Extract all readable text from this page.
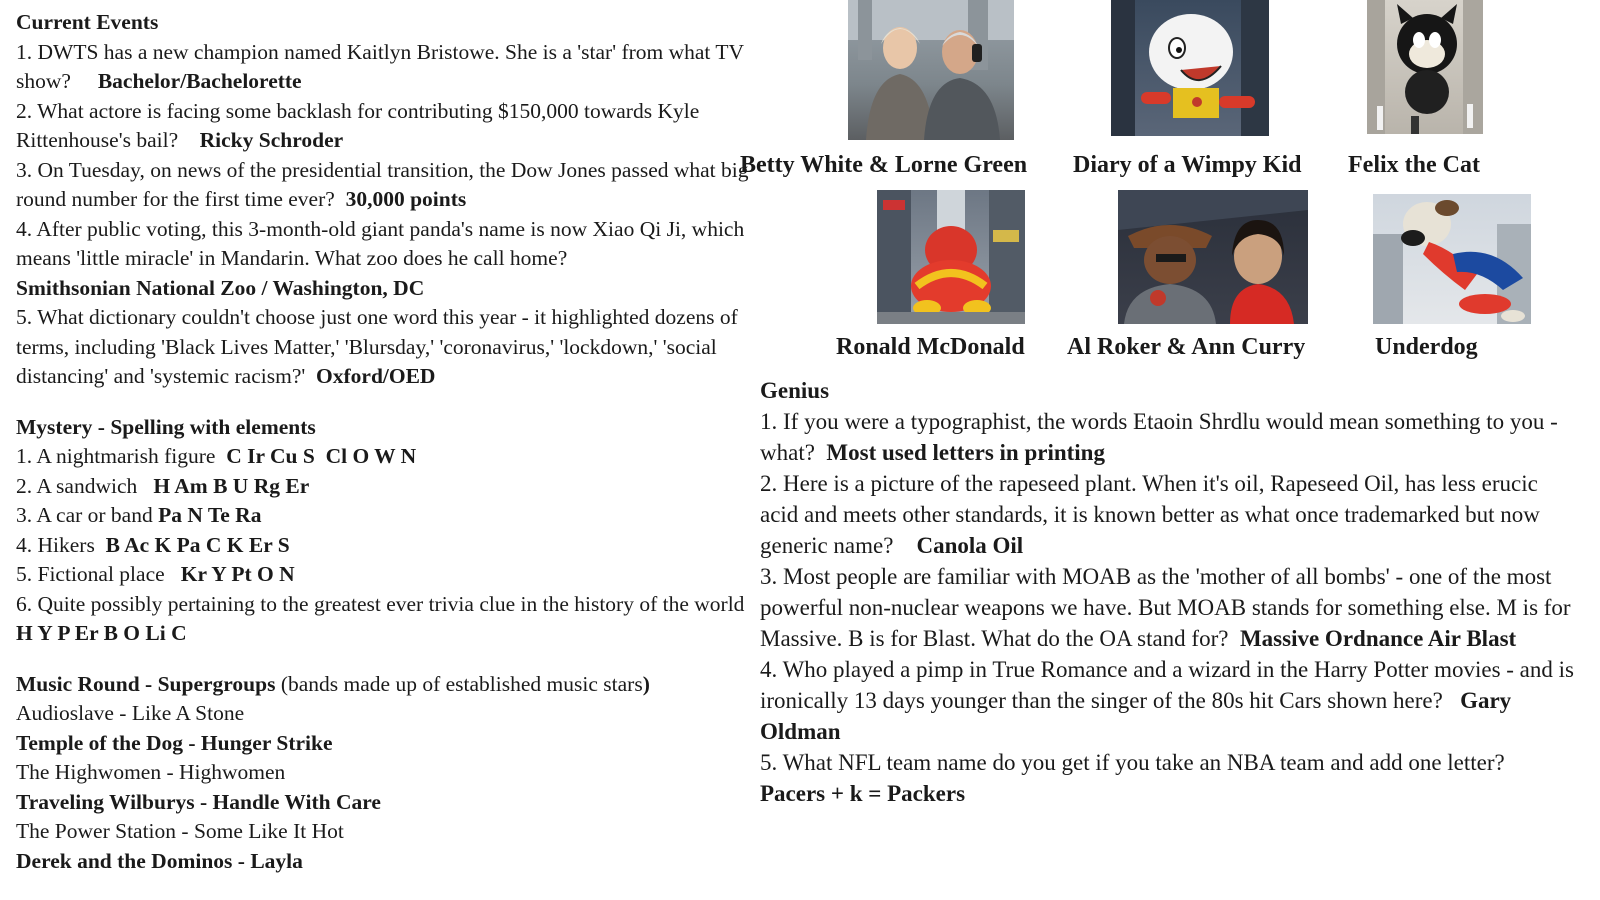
Current Events

1. DWTS has a new champion named Kaitlyn Bristowe. She is a 'star' from what TV show? Bachelor/Bachelorette

2. What actore is facing some backlash for contributing $150,000 towards Kyle Rittenhouse's bail? Ricky Schroder

3. On Tuesday, on news of the presidential transition, the Dow Jones passed what big round number for the first time ever? 30,000 points

4. After public voting, this 3-month-old giant panda's name is now Xiao Qi Ji, which means 'little miracle' in Mandarin. What zoo does he call home?
Smithsonian National Zoo / Washington, DC

5. What dictionary couldn't choose just one word this year - it highlighted dozens of terms, including 'Black Lives Matter,' 'Blursday,' 'coronavirus,' 'lockdown,' 'social distancing' and 'systemic racism?' Oxford/OED

Mystery - Spelling with elements

1. A nightmarish figure C Ir Cu S  Cl O W N

2. A sandwich H Am B U Rg Er

3. A car or band Pa N Te Ra

4. Hikers B Ac K Pa C K Er S

5. Fictional place Kr Y Pt O N

6. Quite possibly pertaining to the greatest ever trivia clue in the history of the world  H Y P Er B O Li C

Music Round - Supergroups (bands made up of established music stars)

Audioslave - Like A Stone

Temple of the Dog - Hunger Strike

The Highwomen - Highwomen

Traveling Wilburys - Handle With Care

The Power Station - Some Like It Hot

Derek and the Dominos - Layla

Betty White & Lorne Green Diary of a Wimpy Kid Felix the Cat
Ronald McDonald Al Roker & Ann Curry	Underdog

Genius

1. If you were a typographist, the words Etaoin Shrdlu would mean something to you - what? Most used letters in printing

2. Here is a picture of the rapeseed plant. When it's oil, Rapeseed Oil, has less erucic acid and meets other standards, it is known better as what once trademarked but now generic name? Canola Oil

3. Most people are familiar with MOAB as the 'mother of all bombs' - one of the most powerful non-nuclear weapons we have. But MOAB stands for something else. M is for Massive. B is for Blast. What do the OA stand for? Massive Ordnance Air Blast

4. Who played a pimp in True Romance and a wizard in the Harry Potter movies - and is ironically 13 days younger than the singer of the 80s hit Cars shown here? Gary Oldman

5. What NFL team name do you get if you take an NBA team and add one letter?  Pacers + k = Packers
